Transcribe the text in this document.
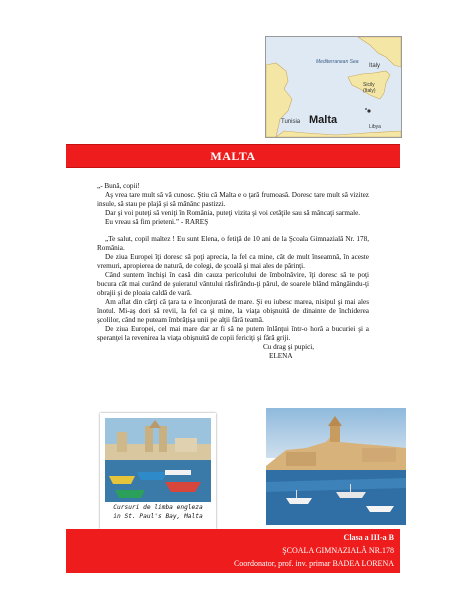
Mediterranean Sea
Italy
Sicily
(Italy)
Tunisia Malta
Libya
MALTA

„- Bună, copii!

Aş vrea tare mult să vă cunosc. Ştiu că Malta e o ţară frumoasă. Doresc tare mult să vizitez insule, să stau pe plajă şi să mănânc pastizzi.

Dar şi voi puteţi să veniţi în România, puteţi vizita şi voi cetăţile sau să mâncaţi sarmale.

Eu vreau să fim prieteni.” - RAREŞ

„Te salut, copil maltez ! Eu sunt Elena, o fetiţă de 10 ani de la Şcoala Gimnazială Nr. 178, România.

De ziua Europei îţi doresc să poţi aprecia, la fel ca mine, cât de mult înseamnă, în aceste vremuri, apropierea de natură, de colegi, de şcoală şi mai ales de părinţi.

Când suntem închişi în casă din cauza pericolului de îmbolnăvire, îţi doresc să te poţi bucura cât mai curând de şuieratul vântului răsfirându-ţi părul, de soarele blând mângâindu-ţi obrajii şi de ploaia caldă de vară.

Am aflat din cărţi că ţara ta e înconjurată de mare. Şi eu iubesc marea, nisipul şi mai ales înotul. Mi-aş dori să revii, la fel ca şi mine, la viaţa obişnuită de dinainte de închiderea şcolilor, când ne puteam îmbrăţişa unii pe alţii fără teamă.

De ziua Europei, cel mai mare dar ar fi să ne putem înlănţui într-o horă a bucuriei şi a speranţei la revenirea la viaţa obişnuită de copii fericiţi şi fără griji.

Cu drag şi pupici,

ELENA

Cursuri de limba engleza
in St. Paul's Bay, Malta
Clasa a III-a B
ŞCOALA GIMNAZIALĂ NR.178
Coordonator, prof. inv. primar BADEA LORENA
